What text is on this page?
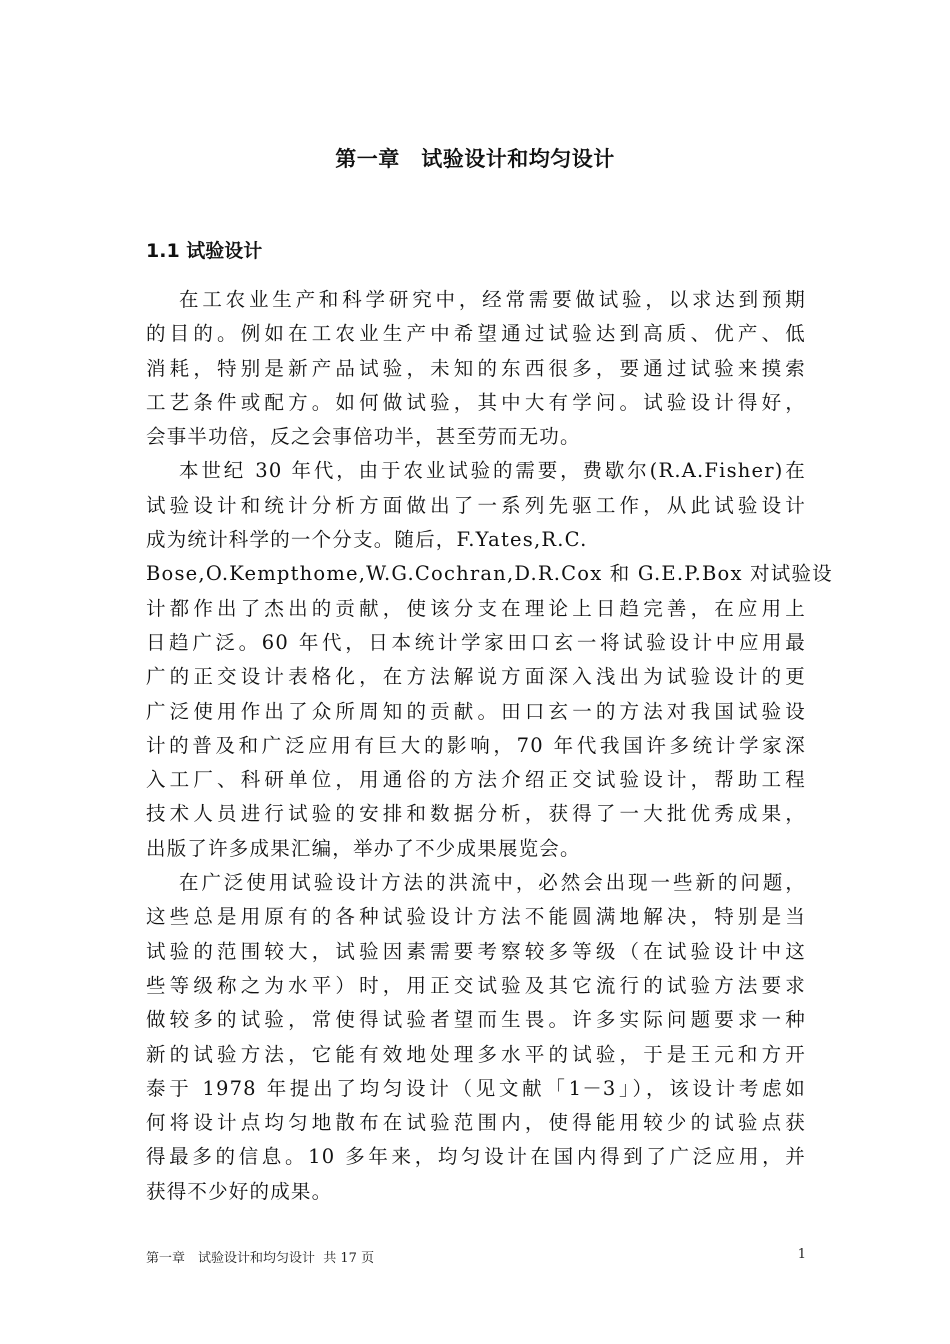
第一章　试验设计和均匀设计
1.1 试验设计
在工农业生产和科学研究中，经常需要做试验，以求达到预期
的目的。例如在工农业生产中希望通过试验达到高质、优产、低
消耗，特别是新产品试验，未知的东西很多，要通过试验来摸索
工艺条件或配方。如何做试验，其中大有学问。试验设计得好，
会事半功倍，反之会事倍功半，甚至劳而无功。
本世纪 30 年代，由于农业试验的需要，费歇尔(R.A.Fisher)在
试验设计和统计分析方面做出了一系列先驱工作，从此试验设计
成为统计科学的一个分支。随后，F.Yates,R.C.
Bose,O.Kempthome,W.G.Cochran,D.R.Cox 和 G.E.P.Box 对试验设
计都作出了杰出的贡献，使该分支在理论上日趋完善，在应用上
日趋广泛。60 年代，日本统计学家田口玄一将试验设计中应用最
广的正交设计表格化，在方法解说方面深入浅出为试验设计的更
广泛使用作出了众所周知的贡献。田口玄一的方法对我国试验设
计的普及和广泛应用有巨大的影响，70 年代我国许多统计学家深
入工厂、科研单位，用通俗的方法介绍正交试验设计，帮助工程
技术人员进行试验的安排和数据分析，获得了一大批优秀成果，
出版了许多成果汇编，举办了不少成果展览会。
在广泛使用试验设计方法的洪流中，必然会出现一些新的问题，
这些总是用原有的各种试验设计方法不能圆满地解决，特别是当
试验的范围较大，试验因素需要考察较多等级（在试验设计中这
些等级称之为水平）时，用正交试验及其它流行的试验方法要求
做较多的试验，常使得试验者望而生畏。许多实际问题要求一种
新的试验方法，它能有效地处理多水平的试验，于是王元和方开
泰于 1978 年提出了均匀设计（见文献「1－3」），该设计考虑如
何将设计点均匀地散布在试验范围内，使得能用较少的试验点获
得最多的信息。10 多年来，均匀设计在国内得到了广泛应用，并
获得不少好的成果。
第一章　试验设计和均匀设计  共 17 页	1
